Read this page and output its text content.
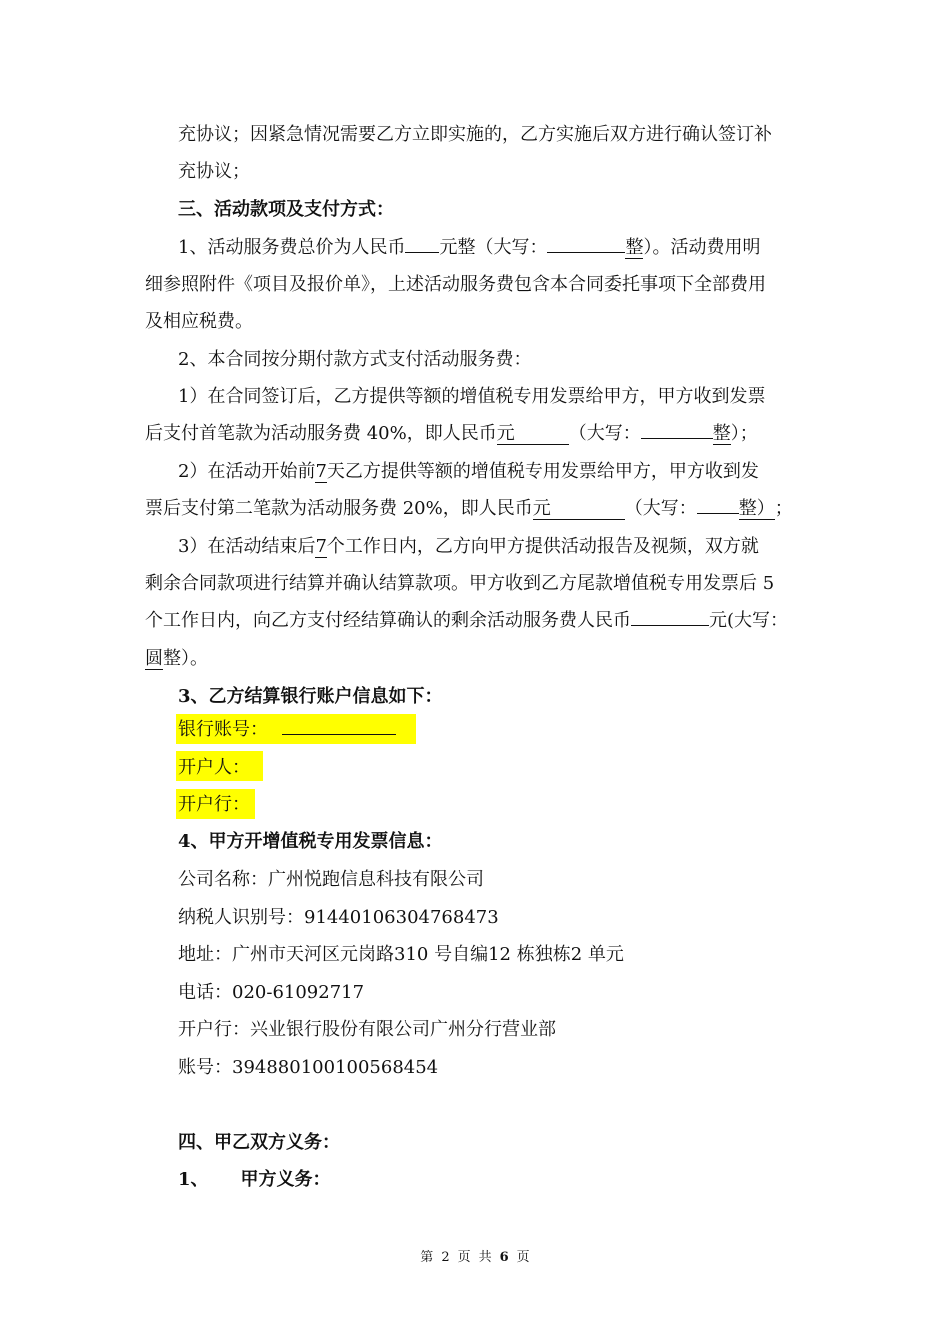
充协议；因紧急情况需要乙方立即实施的，乙方实施后双方进行确认签订补
充协议；
三、活动款项及支付方式：
1、活动服务费总价为人民币 元整（大写：	整）。活动费用明
细参照附件《项目及报价单》，上述活动服务费包含本合同委托事项下全部费用
及相应税费。
2、本合同按分期付款方式支付活动服务费：
1）在合同签订后，乙方提供等额的增值税专用发票给甲方，甲方收到发票
后支付首笔款为活动服务费 40%，即人民币元	（大写：	整）；
2）在活动开始前7天乙方提供等额的增值税专用发票给甲方，甲方收到发
票后支付第二笔款为活动服务费 20%，即人民币元	（大写： 整）；
3）在活动结束后7个工作日内，乙方向甲方提供活动报告及视频，双方就
剩余合同款项进行结算并确认结算款项。甲方收到乙方尾款增值税专用发票后 5
个工作日内，向乙方支付经结算确认的剩余活动服务费人民币	元(大写：
圆整）。
3、乙方结算银行账户信息如下：
银行账号：
开户人：
开户行：
4、甲方开增值税专用发票信息：
公司名称：广州悦跑信息科技有限公司
纳税人识别号：91440106304768473
地址：广州市天河区元岗路310 号自编12 栋独栋2 单元
电话：020-61092717
开户行：兴业银行股份有限公司广州分行营业部
账号：394880100100568454
四、甲乙双方义务：
1、 甲方义务：
第 2 页 共 6 页
